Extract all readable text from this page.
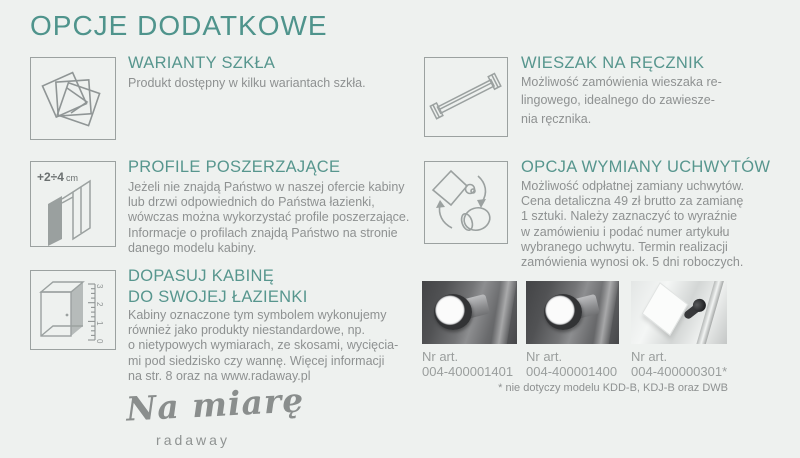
OPCJE DODATKOWE
WARIANTY SZKŁA
Produkt dostępny w kilku wariantach szkła.
WIESZAK NA RĘCZNIK
Możliwość zamówienia wieszaka re-
lingowego, idealnego do zawiesze-
nia ręcznika.
+2÷4 cm
PROFILE POSZERZAJĄCE
Jeżeli nie znajdą Państwo w naszej ofercie kabiny
lub drzwi odpowiednich do Państwa łazienki,
wówczas można wykorzystać profile poszerzające.
Informacje o profilach znajdą Państwo na stronie
danego modelu kabiny.
OPCJA WYMIANY UCHWYTÓW
Możliwość odpłatnej zamiany uchwytów.
Cena detaliczna 49 zł brutto za zamianę
1 sztuki. Należy zaznaczyć to wyraźnie
w zamówieniu i podać numer artykułu
wybranego uchwytu. Termin realizacji
zamówienia wynosi ok. 5 dni roboczych.
3
2
1
0
DOPASUJ KABINĘ
DO SWOJEJ ŁAZIENKI
Kabiny oznaczone tym symbolem wykonujemy
również jako produkty niestandardowe, np.
o nietypowych wymiarach, ze skosami, wycięcia-
mi pod siedzisko czy wannę. Więcej informacji
na str. 8 oraz na www.radaway.pl
Nr art.
004-400001401
Nr art.
004-400001400
Nr art.
004-400000301*
* nie dotyczy modelu KDD-B, KDJ-B oraz DWB
Na miarę
radaway
